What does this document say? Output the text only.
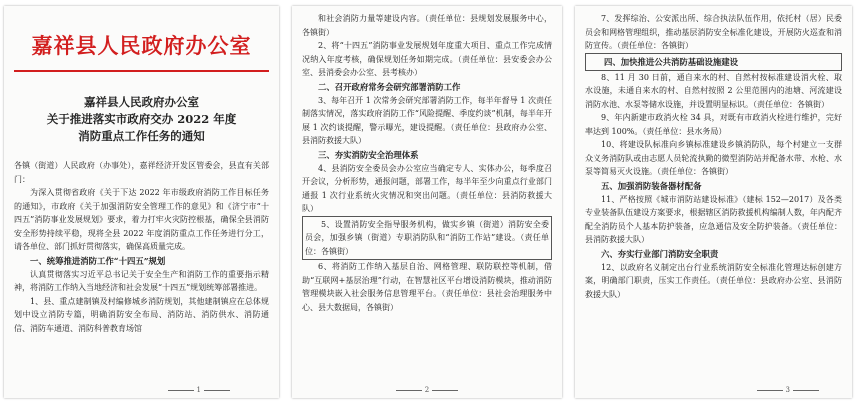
嘉祥县人民政府办公室
嘉祥县人民政府办公室
关于推进落实市政府交办 2022 年度
消防重点工作任务的通知

各镇（街道）人民政府（办事处），嘉祥经济开发区管委会，县直有关部门：

为深入贯彻省政府《关于下达 2022 年市级政府消防工作目标任务的通知》，市政府《关于加强消防安全管理工作的意见》和《济宁市“十四五”消防事业发展规划》要求，着力打牢火灾防控根基，确保全县消防安全形势持续平稳，现将全县 2022 年度消防重点工作任务进行分工，请各单位、部门抓好贯彻落实，确保高质量完成。

一、统筹推进消防工作“十四五”规划

认真贯彻落实习近平总书记关于安全生产和消防工作的重要指示精神，将消防工作纳入当地经济和社会发展“十四五”规划统筹部署推进。

1、县、重点建制镇及村编修城乡消防规划，其他建制镇应在总体规划中设立消防专篇，明确消防安全布局、消防站、消防供水、消防通信、消防车通道、消防科普教育场馆

1

和社会消防力量等建设内容。（责任单位：县规划发展服务中心，各镇街）

2、将“十四五”消防事业发展规划年度重大项目、重点工作完成情况纳入年度考核，确保规划任务如期完成。（责任单位：县安委会办公室、县消委会办公室、县考核办）

二、召开政府常务会研究部署消防工作

3、每年召开 1 次常务会研究部署消防工作，每半年督导 1 次责任制落实情况，落实政府消防工作“风险提醒、季度约谈”机制，每半年开展 1 次约谈提醒，警示曝光，建设提醒。（责任单位：县政府办公室、县消防救援大队）

三、夯实消防安全治理体系

4、县消防安全委员会办公室应当确定专人、实体办公，每季度召开会议，分析形势，通报问题，部署工作，每半年至少向重点行业部门通报 1 次行业系统火灾情况和突出问题。（责任单位：县消防救援大队）

5、设置消防安全指导服务机构，做实乡镇（街道）消防安全委员会，加强乡镇（街道）专职消防队和“消防工作站”建设。（责任单位：各镇街）

6、将消防工作纳入基层自治、网格管理、联防联控等机制，借助“互联网+基层治理”行动，在智慧社区平台增设消防模块，推动消防管理模块嵌入社会服务信息管理平台。（责任单位：县社会治理服务中心、县大数据局，各镇街）

2

7、发挥综治、公安派出所、综合执法队伍作用，依托村（居）民委员会和网格管理组织，推动基层消防安全标准化建设，开展防火巡查和消防宣传。（责任单位：各镇街）

四、加快推进公共消防基础设施建设

8、11 月 30 日前，通自来水的村、自然村按标准建设消火栓、取水设施，未通自来水的村、自然村按照 2 公里范围内的池塘、河流建设消防水池、水泵等储水设施，并设置明显标识。（责任单位：各镇街）

9、年内新建市政消火栓 34 具，对既有市政消火栓进行维护，完好率达到 100%。（责任单位：县水务局）

10、将建设队标准向乡镇标准建设乡镇消防队，每个村建立一支群众义务消防队或由志愿人员轮流执勤的微型消防站并配备水带、水枪、水泵等简易灭火设施。（责任单位：各镇街）

五、加强消防装备器材配备

11、严格按照《城市消防站建设标准》（建标 152—2017）及各类专业装备队伍建设方案要求，根据辖区消防救援机构编制人数，年内配齐配全消防员个人基本防护装备，应急通信及安全防护装备。（责任单位：县消防救援大队）

六、夯实行业部门消防安全职责

12、以政府名义制定出台行业系统消防安全标准化管理达标创建方案，明确部门职责，压实工作责任。（责任单位：县政府办公室、县消防救援大队）

3
